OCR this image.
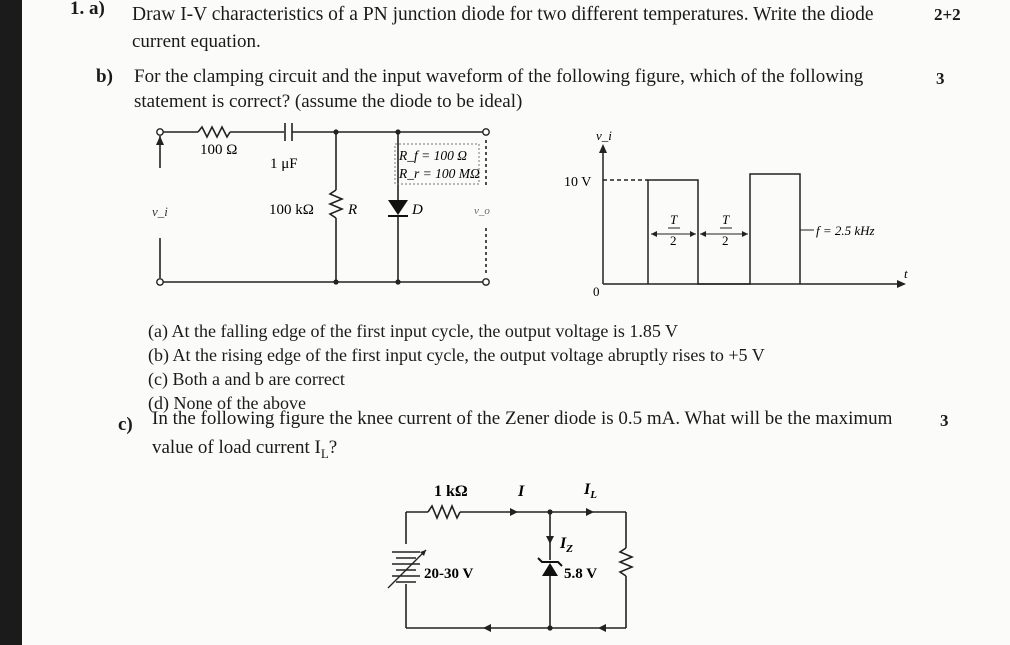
1. a) Draw I-V characteristics of a PN junction diode for two different temperatures. Write the diode
current equation.
2+2
b) For the clamping circuit and the input waveform of the following figure, which of the following
statement is correct? (assume the diode to be ideal)
3
100 Ω
1 μF
100 kΩ R
R_f = 100 Ω
R_r = 100 MΩ
D
v_i	v_o
v_i
10 V
0
T
2
T
2
f = 2.5 kHz
t
(a) At the falling edge of the first input cycle, the output voltage is 1.85 V
(b) At the rising edge of the first input cycle, the output voltage abruptly rises to +5 V
(c) Both a and b are correct
(d) None of the above
c) In the following figure the knee current of the Zener diode is 0.5 mA. What will be the maximum
value of load current $I_L$?
3
1 kΩ	I	$I_L$
$I_Z$
20-30 V	5.8 V
